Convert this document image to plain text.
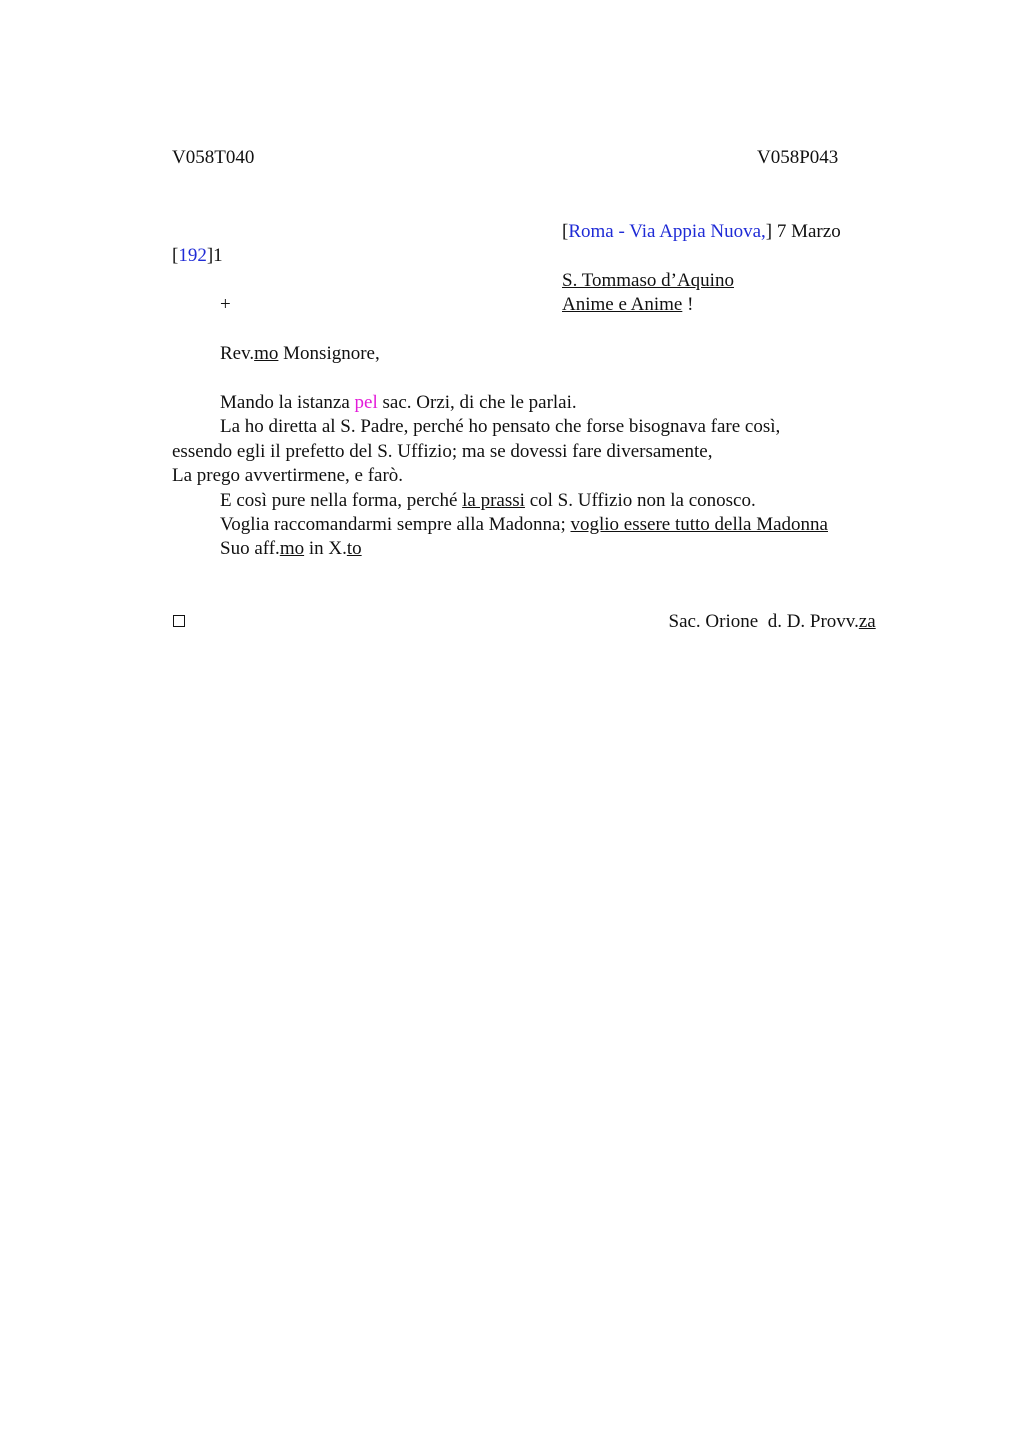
V058T040	V058P043
[Roma - Via Appia Nuova,] 7 Marzo
[192]1
S. Tommaso d’Aquino
Anime e Anime !
+
Rev.mo Monsignore,
Mando la istanza pel sac. Orzi, di che le parlai.
La ho diretta al S. Padre, perché ho pensato che forse bisognava fare così,
essendo egli il prefetto del S. Uffizio; ma se dovessi fare diversamente,
La prego avvertirmene, e farò.
E così pure nella forma, perché la prassi col S. Uffizio non la conosco.
Voglia raccomandarmi sempre alla Madonna; voglio essere tutto della Madonna
Suo aff.mo in X.to

Sac. Orione  d. D. Provv.za
